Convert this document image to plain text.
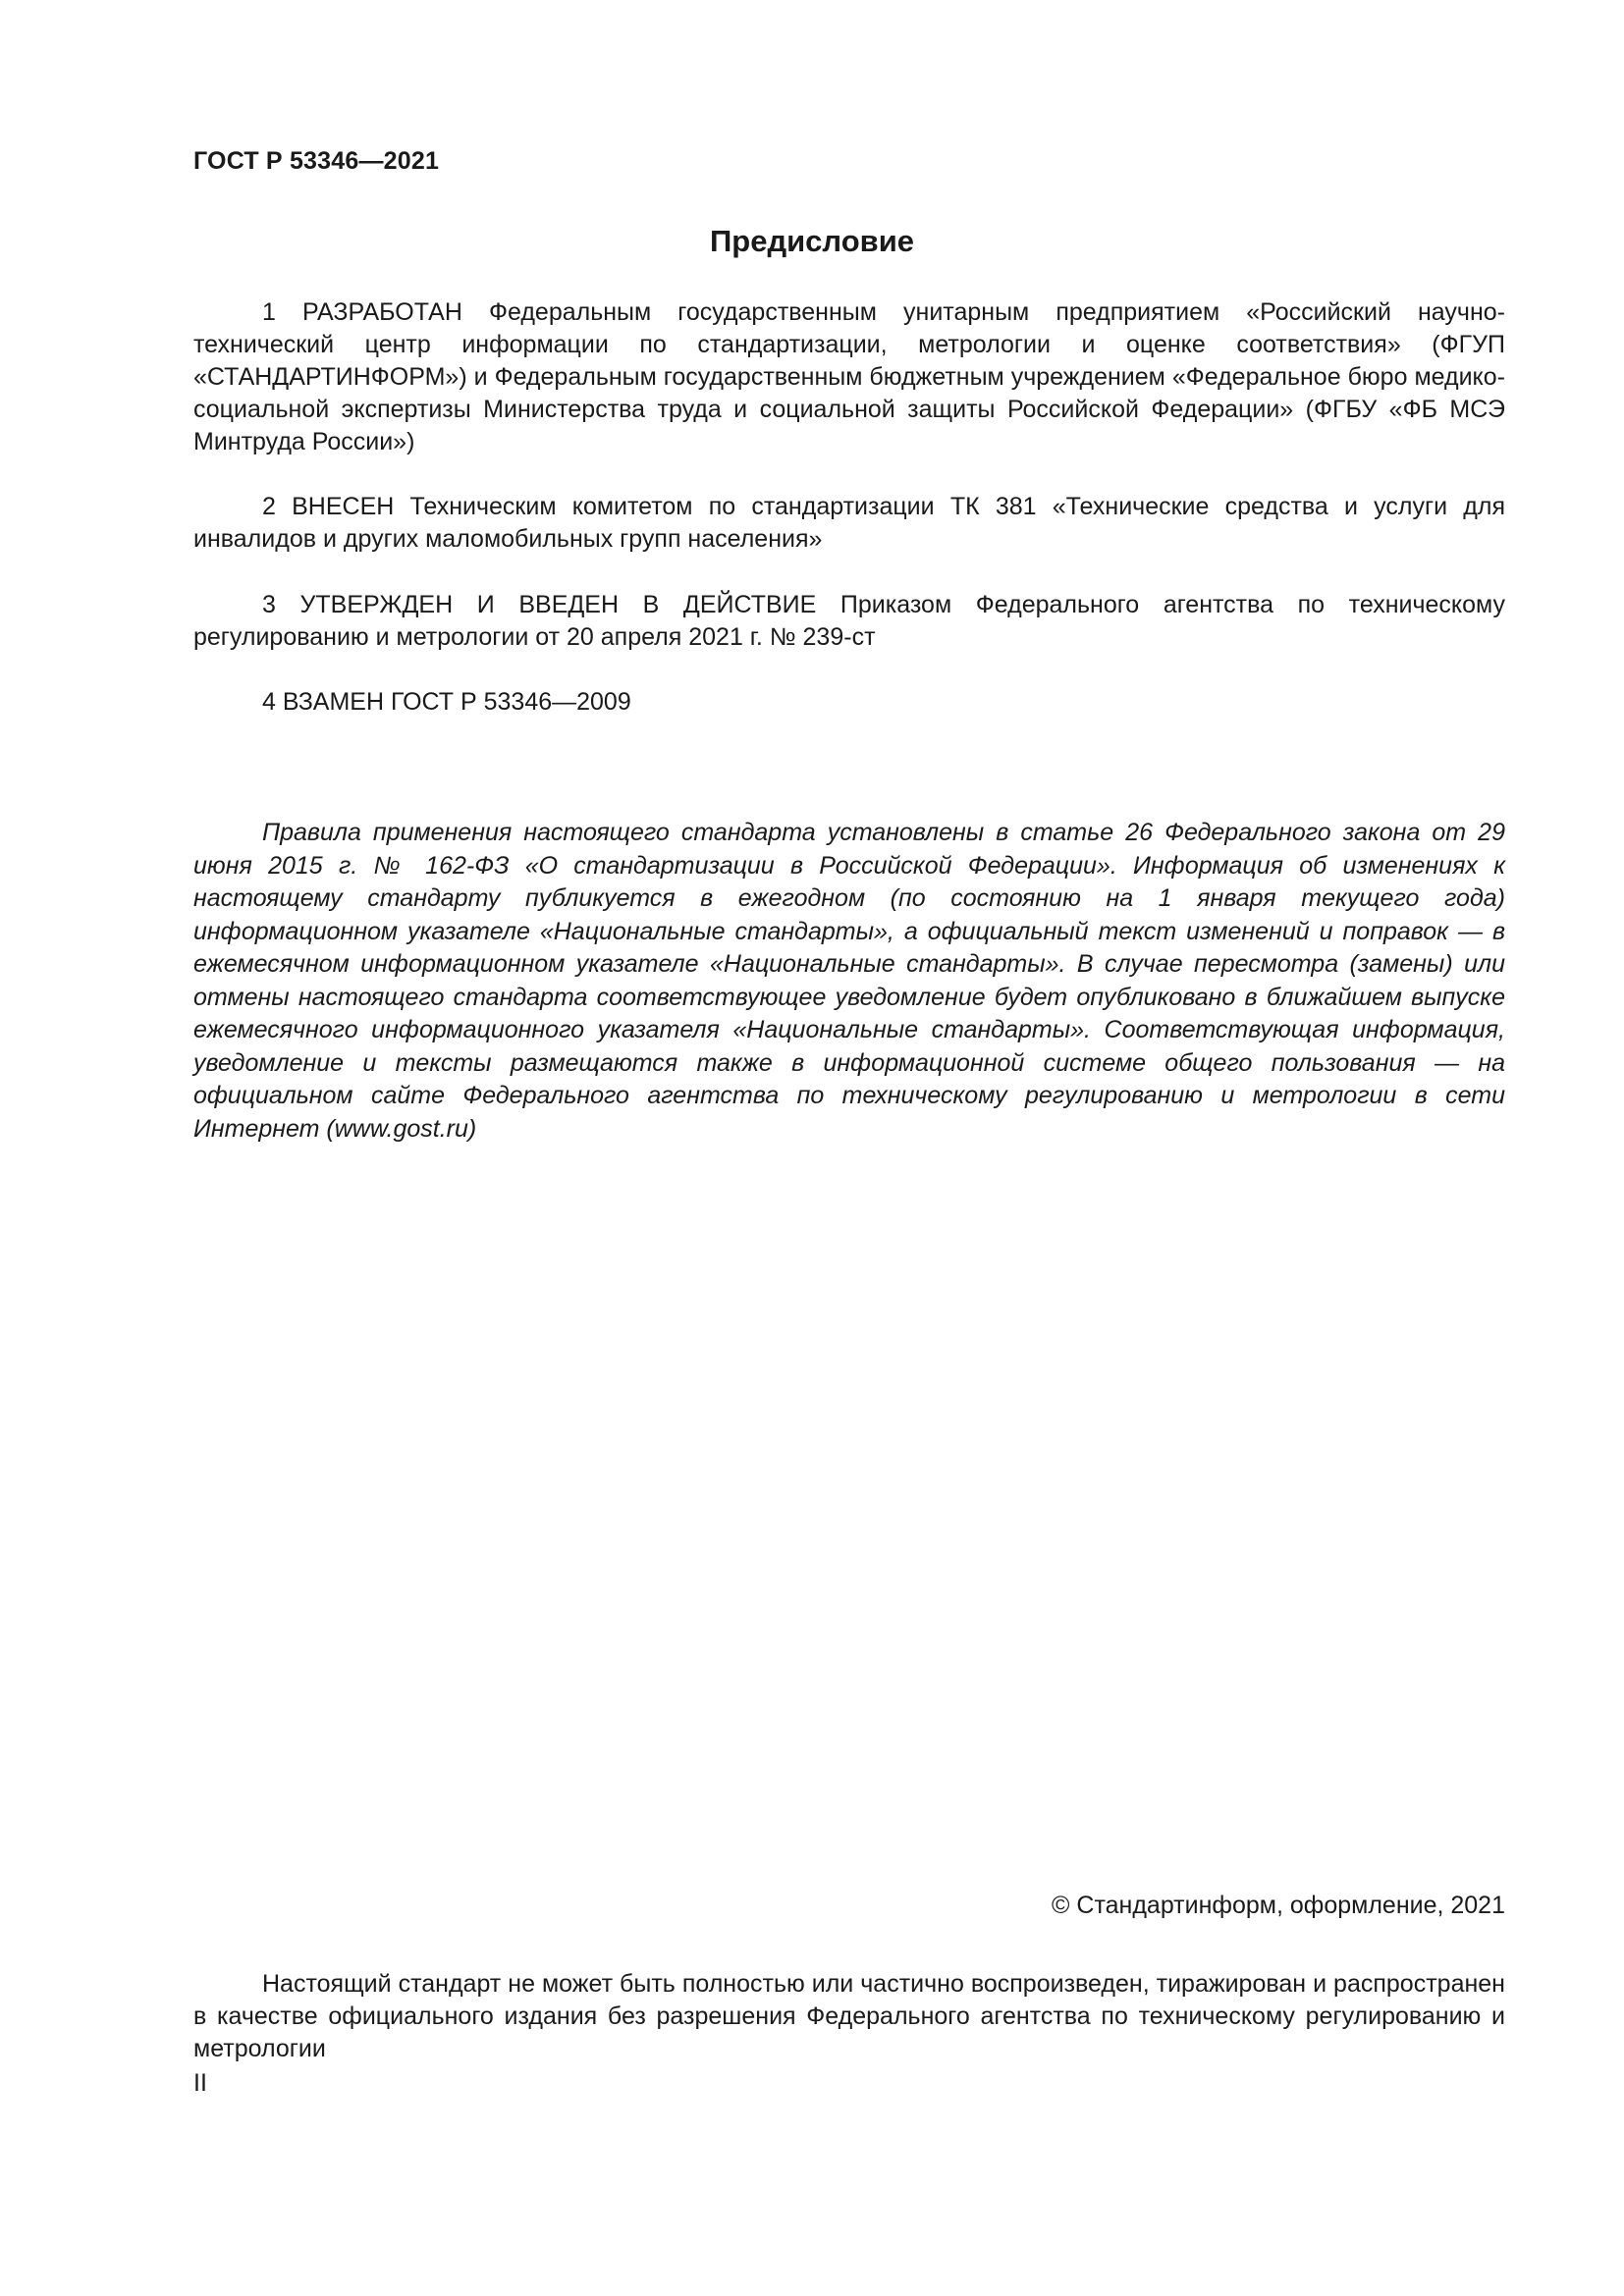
ГОСТ Р 53346—2021
Предисловие

1 РАЗРАБОТАН Федеральным государственным унитарным предприятием «Российский научно-технический центр информации по стандартизации, метрологии и оценке соответствия» (ФГУП «СТАНДАРТИНФОРМ») и Федеральным государственным бюджетным учреждением «Федеральное бюро медико-социальной экспертизы Министерства труда и социальной защиты Российской Федерации» (ФГБУ «ФБ МСЭ Минтруда России»)

2 ВНЕСЕН Техническим комитетом по стандартизации ТК 381 «Технические средства и услуги для инвалидов и других маломобильных групп населения»

3 УТВЕРЖДЕН И ВВЕДЕН В ДЕЙСТВИЕ Приказом Федерального агентства по техническому регулированию и метрологии от 20 апреля 2021 г. № 239-ст

4 ВЗАМЕН ГОСТ Р 53346—2009

Правила применения настоящего стандарта установлены в статье 26 Федерального закона от 29 июня 2015 г. № 162-ФЗ «О стандартизации в Российской Федерации». Информация об изменениях к настоящему стандарту публикуется в ежегодном (по состоянию на 1 января текущего года) информационном указателе «Национальные стандарты», а официальный текст изменений и поправок — в ежемесячном информационном указателе «Национальные стандарты». В случае пересмотра (замены) или отмены настоящего стандарта соответствующее уведомление будет опубликовано в ближайшем выпуске ежемесячного информационного указателя «Национальные стандарты». Соответствующая информация, уведомление и тексты размещаются также в информационной системе общего пользования — на официальном сайте Федерального агентства по техническому регулированию и метрологии в сети Интернет (www.gost.ru)

© Стандартинформ, оформление, 2021

Настоящий стандарт не может быть полностью или частично воспроизведен, тиражирован и распространен в качестве официального издания без разрешения Федерального агентства по техническому регулированию и метрологии

II
